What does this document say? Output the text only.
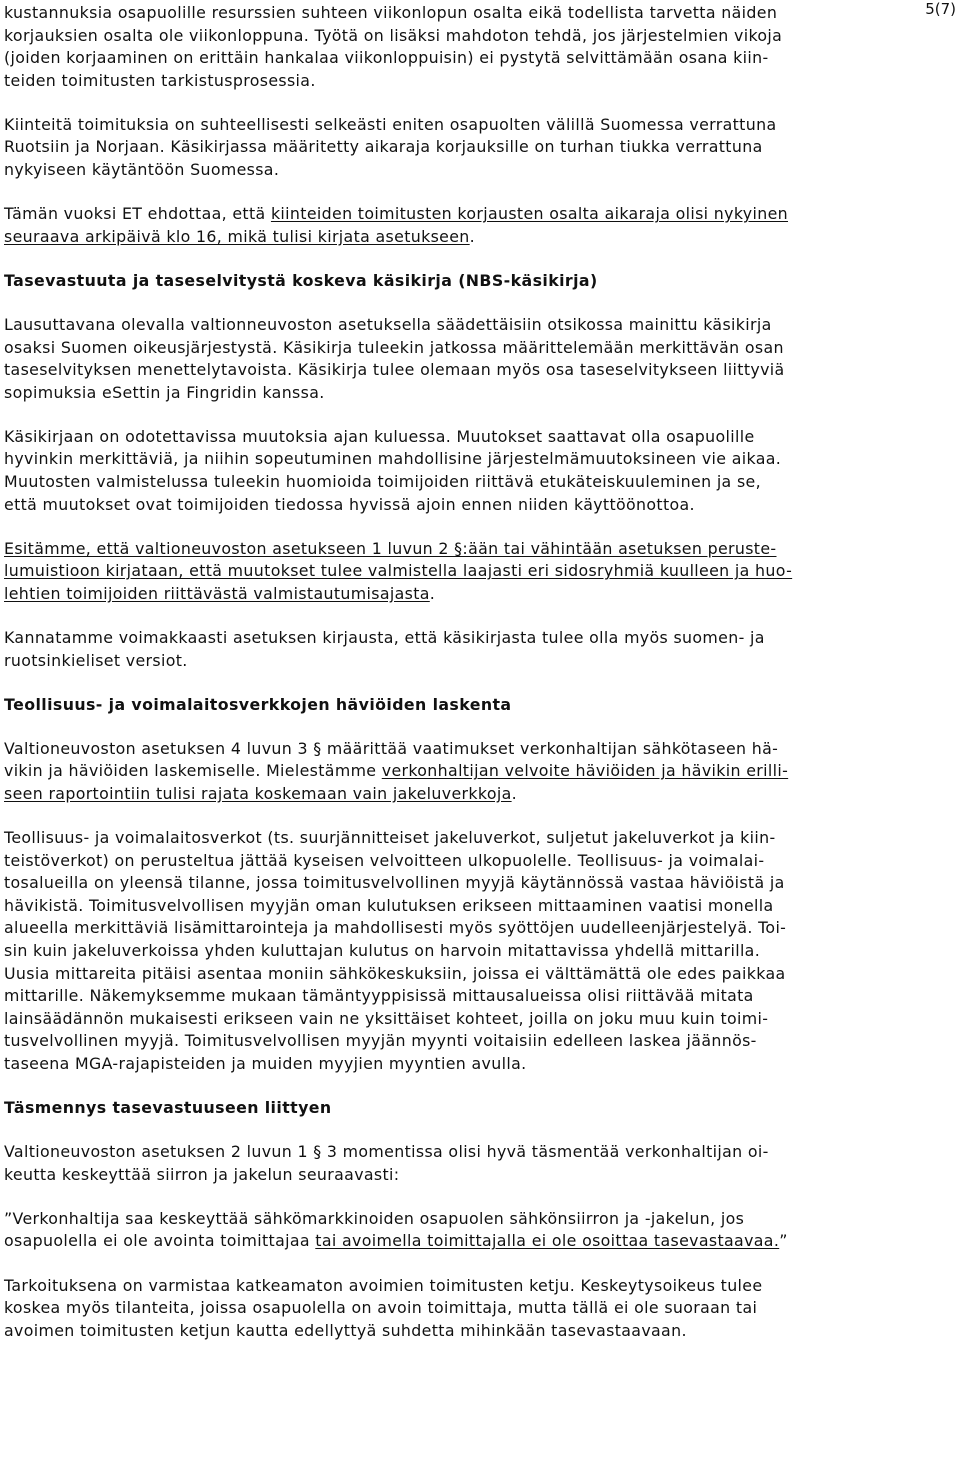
5(7)

kustannuksia osapuolille resurssien suhteen viikonlopun osalta eikä todellista tarvetta näiden
korjauksien osalta ole viikonloppuna. Työtä on lisäksi mahdoton tehdä, jos järjestelmien vikoja
(joiden korjaaminen on erittäin hankalaa viikonloppuisin) ei pystytä selvittämään osana kiin-
teiden toimitusten tarkistusprosessia.

Kiinteitä toimituksia on suhteellisesti selkeästi eniten osapuolten välillä Suomessa verrattuna
Ruotsiin ja Norjaan. Käsikirjassa määritetty aikaraja korjauksille on turhan tiukka verrattuna
nykyiseen käytäntöön Suomessa.

Tämän vuoksi ET ehdottaa, että kiinteiden toimitusten korjausten osalta aikaraja olisi nykyinen
seuraava arkipäivä klo 16, mikä tulisi kirjata asetukseen.

Tasevastuuta ja taseselvitystä koskeva käsikirja (NBS-käsikirja)

Lausuttavana olevalla valtionneuvoston asetuksella säädettäisiin otsikossa mainittu käsikirja
osaksi Suomen oikeusjärjestystä. Käsikirja tuleekin jatkossa määrittelemään merkittävän osan
taseselvityksen menettelytavoista. Käsikirja tulee olemaan myös osa taseselvitykseen liittyviä
sopimuksia eSettin ja Fingridin kanssa.

Käsikirjaan on odotettavissa muutoksia ajan kuluessa. Muutokset saattavat olla osapuolille
hyvinkin merkittäviä, ja niihin sopeutuminen mahdollisine järjestelmämuutoksineen vie aikaa.
Muutosten valmistelussa tuleekin huomioida toimijoiden riittävä etukäteiskuuleminen ja se,
että muutokset ovat toimijoiden tiedossa hyvissä ajoin ennen niiden käyttöönottoa.

Esitämme, että valtioneuvoston asetukseen 1 luvun 2 §:ään tai vähintään asetuksen peruste-
lumuistioon kirjataan, että muutokset tulee valmistella laajasti eri sidosryhmiä kuulleen ja huo-
lehtien toimijoiden riittävästä valmistautumisajasta.

Kannatamme voimakkaasti asetuksen kirjausta, että käsikirjasta tulee olla myös suomen- ja
ruotsinkieliset versiot.

Teollisuus- ja voimalaitosverkkojen häviöiden laskenta

Valtioneuvoston asetuksen 4 luvun 3 § määrittää vaatimukset verkonhaltijan sähkötaseen hä-
vikin ja häviöiden laskemiselle. Mielestämme verkonhaltijan velvoite häviöiden ja hävikin erilli-
seen raportointiin tulisi rajata koskemaan vain jakeluverkkoja.

Teollisuus- ja voimalaitosverkot (ts. suurjännitteiset jakeluverkot, suljetut jakeluverkot ja kiin-
teistöverkot) on perusteltua jättää kyseisen velvoitteen ulkopuolelle. Teollisuus- ja voimalai-
tosalueilla on yleensä tilanne, jossa toimitusvelvollinen myyjä käytännössä vastaa häviöistä ja
hävikistä. Toimitusvelvollisen myyjän oman kulutuksen erikseen mittaaminen vaatisi monella
alueella merkittäviä lisämittarointeja ja mahdollisesti myös syöttöjen uudelleenjärjestelyä. Toi-
sin kuin jakeluverkoissa yhden kuluttajan kulutus on harvoin mitattavissa yhdellä mittarilla.
Uusia mittareita pitäisi asentaa moniin sähkökeskuksiin, joissa ei välttämättä ole edes paikkaa
mittarille. Näkemyksemme mukaan tämäntyyppisissä mittausalueissa olisi riittävää mitata
lainsäädännön mukaisesti erikseen vain ne yksittäiset kohteet, joilla on joku muu kuin toimi-
tusvelvollinen myyjä. Toimitusvelvollisen myyjän myynti voitaisiin edelleen laskea jäännös-
taseena MGA-rajapisteiden ja muiden myyjien myyntien avulla.

Täsmennys tasevastuuseen liittyen

Valtioneuvoston asetuksen 2 luvun 1 § 3 momentissa olisi hyvä täsmentää verkonhaltijan oi-
keutta keskeyttää siirron ja jakelun seuraavasti:

”Verkonhaltija saa keskeyttää sähkömarkkinoiden osapuolen sähkönsiirron ja -jakelun, jos
osapuolella ei ole avointa toimittajaa tai avoimella toimittajalla ei ole osoittaa tasevastaavaa.”

Tarkoituksena on varmistaa katkeamaton avoimien toimitusten ketju. Keskeytysoikeus tulee
koskea myös tilanteita, joissa osapuolella on avoin toimittaja, mutta tällä ei ole suoraan tai
avoimen toimitusten ketjun kautta edellyttyä suhdetta mihinkään tasevastaavaan.
